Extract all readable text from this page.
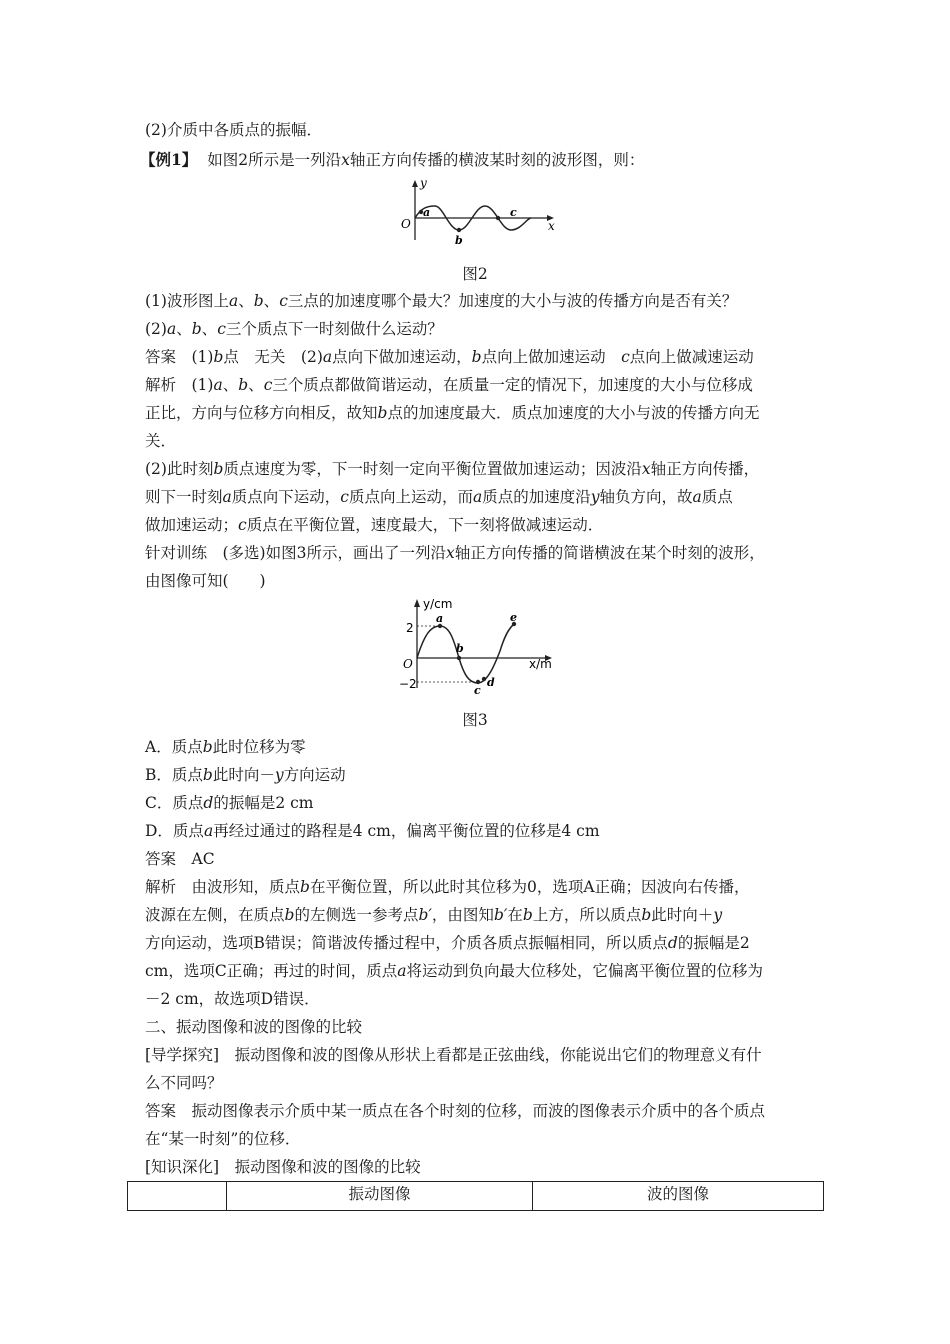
(2)介质中各质点的振幅．
【例1】 如图2所示是一列沿x轴正方向传播的横波某时刻的波形图，则：
y
O	x
a
b
c
图2
(1)波形图上a、b、c三点的加速度哪个最大？加速度的大小与波的传播方向是否有关？
(2)a、b、c三个质点下一时刻做什么运动？
答案　(1)b点　无关　(2)a点向下做加速运动，b点向上做加速运动　c点向上做减速运动
解析　(1)a、b、c三个质点都做简谐运动，在质量一定的情况下，加速度的大小与位移成
正比，方向与位移方向相反，故知b点的加速度最大．质点加速度的大小与波的传播方向无
关．
(2)此时刻b质点速度为零，下一时刻一定向平衡位置做加速运动；因波沿x轴正方向传播，
则下一时刻a质点向下运动，c质点向上运动，而a质点的加速度沿y轴负方向，故a质点
做加速运动；c质点在平衡位置，速度最大，下一刻将做减速运动．
针对训练　(多选)如图3所示，画出了一列沿x轴正方向传播的简谐横波在某个时刻的波形，
由图像可知(　　)
y/cm
O
2
−2
x/m
a
b
c
d
e
图3
A．质点b此时位移为零
B．质点b此时向－y方向运动
C．质点d的振幅是2 cm
D．质点a再经过通过的路程是4 cm，偏离平衡位置的位移是4 cm
答案　AC
解析　由波形知，质点b在平衡位置，所以此时其位移为0，选项A正确；因波向右传播，
波源在左侧，在质点b的左侧选一参考点b′，由图知b′在b上方，所以质点b此时向＋y
方向运动，选项B错误；简谐波传播过程中，介质各质点振幅相同，所以质点d的振幅是2
cm，选项C正确；再过的时间，质点a将运动到负向最大位移处，它偏离平衡位置的位移为
－2 cm，故选项D错误．
二、振动图像和波的图像的比较
[导学探究]　振动图像和波的图像从形状上看都是正弦曲线，你能说出它们的物理意义有什
么不同吗？
答案　振动图像表示介质中某一质点在各个时刻的位移，而波的图像表示介质中的各个质点
在“某一时刻”的位移．
[知识深化]　振动图像和波的图像的比较
	振动图像	波的图像
